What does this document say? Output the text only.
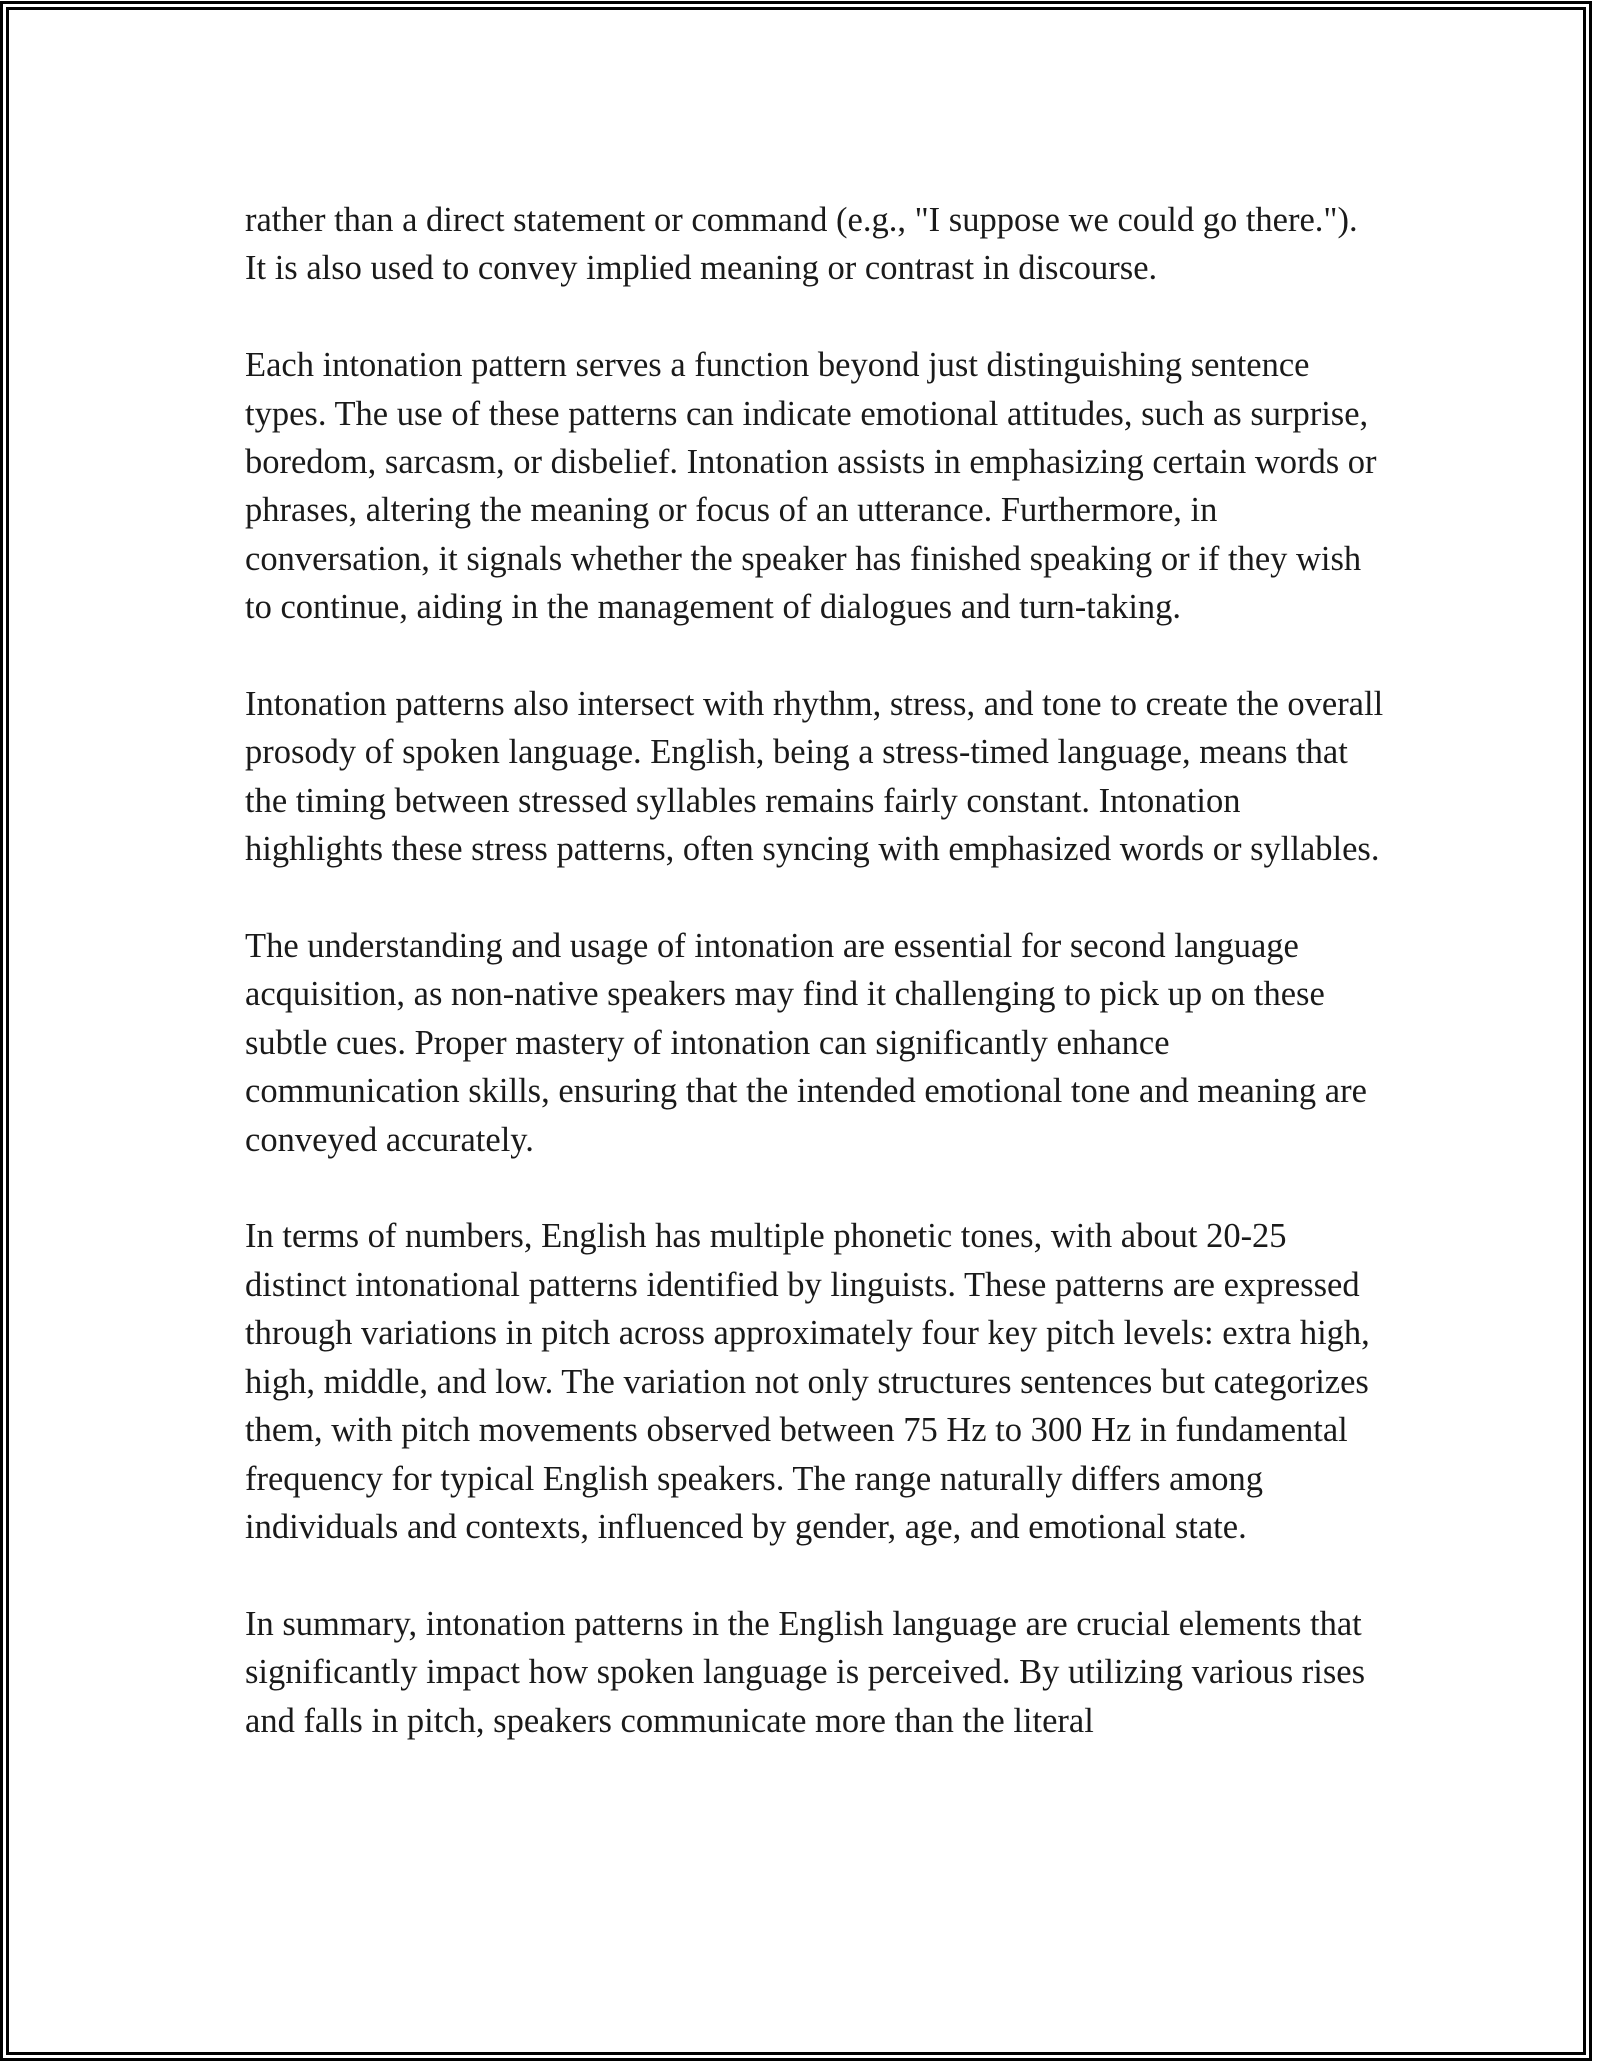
rather than a direct statement or command (e.g., "I suppose we could go there."). It is also used to convey implied meaning or contrast in discourse.

Each intonation pattern serves a function beyond just distinguishing sentence types. The use of these patterns can indicate emotional attitudes, such as surprise, boredom, sarcasm, or disbelief. Intonation assists in emphasizing certain words or phrases, altering the meaning or focus of an utterance. Furthermore, in conversation, it signals whether the speaker has finished speaking or if they wish to continue, aiding in the management of dialogues and turn-taking.

Intonation patterns also intersect with rhythm, stress, and tone to create the overall prosody of spoken language. English, being a stress-timed language, means that the timing between stressed syllables remains fairly constant. Intonation highlights these stress patterns, often syncing with emphasized words or syllables.

The understanding and usage of intonation are essential for second language acquisition, as non-native speakers may find it challenging to pick up on these subtle cues. Proper mastery of intonation can significantly enhance communication skills, ensuring that the intended emotional tone and meaning are conveyed accurately.

In terms of numbers, English has multiple phonetic tones, with about 20-25 distinct intonational patterns identified by linguists. These patterns are expressed through variations in pitch across approximately four key pitch levels: extra high, high, middle, and low. The variation not only structures sentences but categorizes them, with pitch movements observed between 75 Hz to 300 Hz in fundamental frequency for typical English speakers. The range naturally differs among individuals and contexts, influenced by gender, age, and emotional state.

In summary, intonation patterns in the English language are crucial elements that significantly impact how spoken language is perceived. By utilizing various rises and falls in pitch, speakers communicate more than the literal
